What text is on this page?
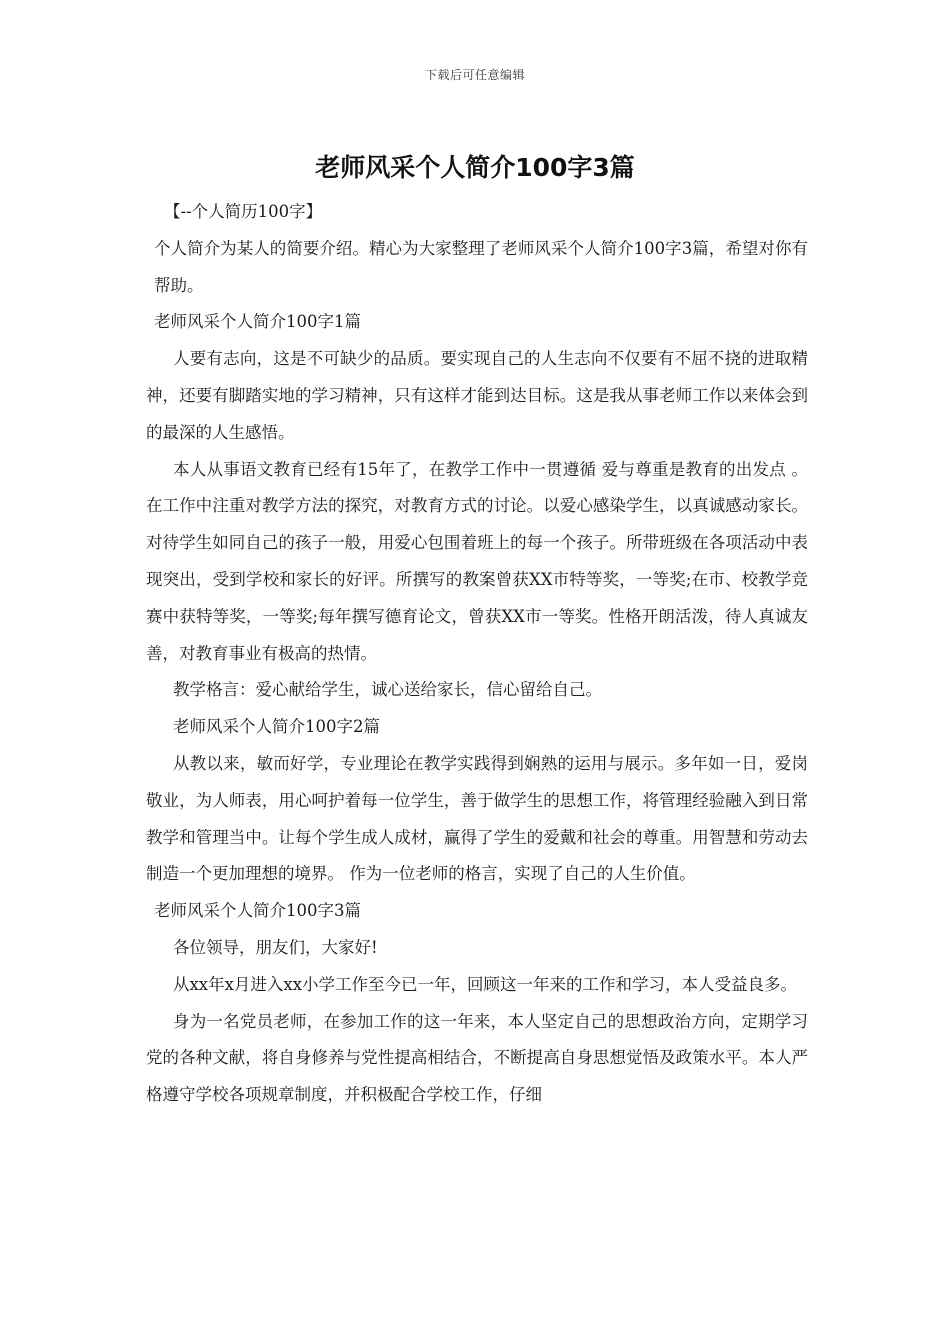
下载后可任意编辑
老师风采个人简介100字3篇

【--个人简历100字】

个人简介为某人的简要介绍。精心为大家整理了老师风采个人简介100字3篇，希望对你有帮助。

老师风采个人简介100字1篇

人要有志向，这是不可缺少的品质。要实现自己的人生志向不仅要有不屈不挠的进取精神，还要有脚踏实地的学习精神，只有这样才能到达目标。这是我从事老师工作以来体会到的最深的人生感悟。

本人从事语文教育已经有15年了，在教学工作中一贯遵循 爱与尊重是教育的出发点 。在工作中注重对教学方法的探究，对教育方式的讨论。以爱心感染学生，以真诚感动家长。对待学生如同自己的孩子一般，用爱心包围着班上的每一个孩子。所带班级在各项活动中表现突出，受到学校和家长的好评。所撰写的教案曾获XX市特等奖，一等奖;在市、校教学竞赛中获特等奖，一等奖;每年撰写德育论文，曾获XX市一等奖。性格开朗活泼，待人真诚友善，对教育事业有极高的热情。

教学格言：爱心献给学生，诚心送给家长，信心留给自己。

老师风采个人简介100字2篇

从教以来，敏而好学，专业理论在教学实践得到娴熟的运用与展示。多年如一日，爱岗敬业，为人师表，用心呵护着每一位学生，善于做学生的思想工作，将管理经验融入到日常教学和管理当中。让每个学生成人成材，赢得了学生的爱戴和社会的尊重。用智慧和劳动去制造一个更加理想的境界。 作为一位老师的格言，实现了自己的人生价值。

老师风采个人简介100字3篇

各位领导，朋友们，大家好!

从xx年x月进入xx小学工作至今已一年，回顾这一年来的工作和学习，本人受益良多。

身为一名党员老师，在参加工作的这一年来，本人坚定自己的思想政治方向，定期学习党的各种文献，将自身修养与党性提高相结合，不断提高自身思想觉悟及政策水平。本人严格遵守学校各项规章制度，并积极配合学校工作，仔细
